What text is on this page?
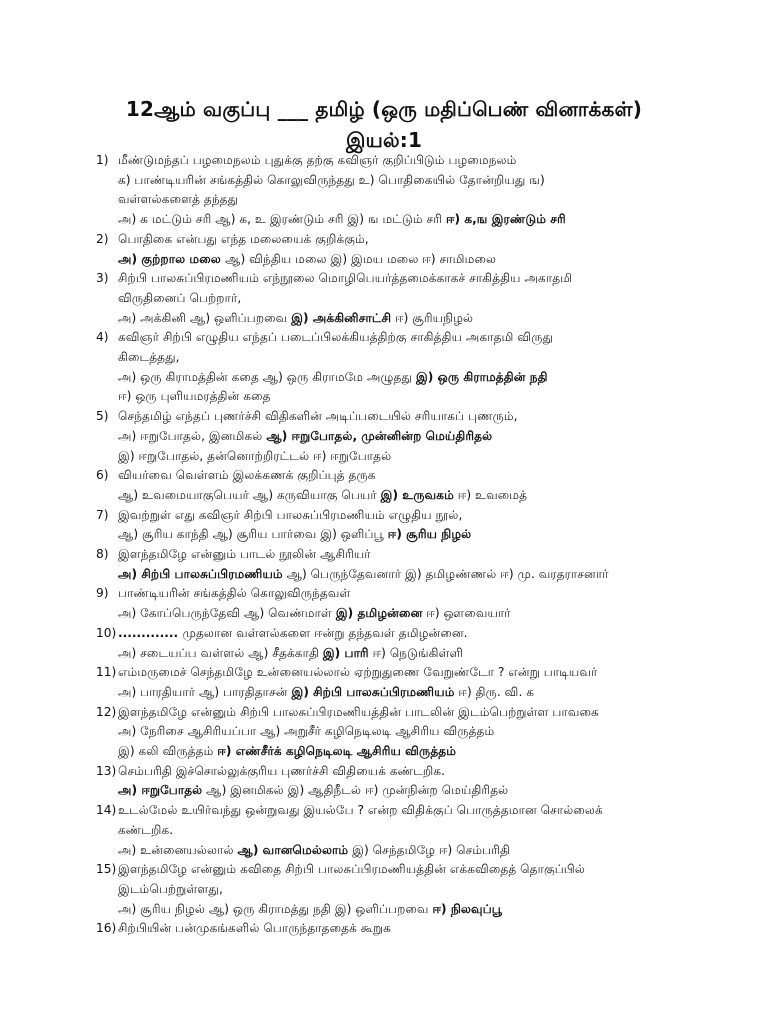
12ஆம் வகுப்பு ___ தமிழ் (ஒரு மதிப்பெண் வினாக்கள்)
இயல்:1
1) மீண்டுமந்தப் பழமைநலம் புதுக்கு தற்கு கவிஞர் குறிப்பிடும் பழமைநலம்
க) பாண்டியரின் சங்கத்தில் கொலுவிருந்தது உ) பொதிகையில் தோன்றியது ங)
வள்ளல்களைத் தந்தது
அ) க மட்டும் சரி ஆ) க, உ இரண்டும் சரி இ) ங மட்டும் சரி ஈ) க,ங இரண்டும் சரி
2) பொதிகை என்பது எந்த மலையைக் குறிக்கும்,
அ) குற்றால மலை ஆ) விந்திய மலை இ) இமய மலை ஈ) சாமிமலை
3) சிற்பி பாலசுப்பிரமணியம் எந்நூலை மொழிபெயர்த்தமைக்காகச் சாகித்திய அகாதமி
விருதினைப் பெற்றார்,
அ) அக்கினி ஆ) ஒளிப்பறவை இ) அக்கினிசாட்சி ஈ) சூரியநிழல்
4) கவிஞர் சிற்பி எழுதிய எந்தப் படைப்பிலக்கியத்திற்கு சாகித்திய அகாதமி விருது
கிடைத்தது,
அ) ஒரு கிராமத்தின் கதை ஆ) ஒரு கிராமமே அழுதது இ) ஒரு கிராமத்தின் நதி
ஈ) ஒரு புளியமரத்தின் கதை
5) செந்தமிழ் எந்தப் புணர்ச்சி விதிகளின் அடிப்படையில் சரியாகப் புணரும்,
அ) ஈறுபோதல், இனமிகல் ஆ) ஈறுபோதல், முன்னின்ற மெய்திரிதல்
இ) ஈறுபோதல், தன்னொற்றிரட்டல் ஈ) ஈறுபோதல்
6) வியர்வை வெள்ளம் இலக்கணக் குறிப்புத் தருக
ஆ) உவமையாகுபெயர் ஆ) கருவியாகு பெயர் இ) உருவகம் ஈ) உவமைத்
7) இவற்றுள் எது கவிஞர் சிற்பி பாலசுப்பிரமணியம் எழுதிய நூல்,
ஆ) சூரிய காந்தி ஆ) சூரிய பார்வை இ) ஒளிப்பூ ஈ) சூரிய நிழல்
8) இளந்தமிழே என்னும் பாடல் நூலின் ஆசிரியர்
அ) சிற்பி பாலசுப்பிரமணியம் ஆ) பெருந்தேவனார் இ) தமிழண்ணல் ஈ) மு. வரதராசனார்
9) பாண்டியரின் சங்கத்தில் கொலுவிருந்தவள்
அ) கோப்பெருந்தேவி ஆ) வெண்மாள் இ) தமிழன்னை ஈ) ஔவையார்
10) ............. முதலான வள்ளல்களை ஈன்று தந்தவள் தமிழன்னை.
அ) சடையப்ப வள்ளல் ஆ) சீதக்காதி இ) பாரி ஈ) நெடுங்கிள்ளி
11) எம்மருமைச் செந்தமிழே உன்னையல்லால் ஏற்றுதுணை வேறுண்டோ ? என்று பாடியவர்
அ) பாரதியார் ஆ) பாரதிதாசன் இ) சிற்பி பாலசுப்பிரமணியம் ஈ) திரு. வி. க
12) இளந்தமிழே என்னும் சிற்பி பாலசுப்பிரமணியத்தின் பாடலின் இடம்பெற்றுள்ள பாவகை
அ) நேரிசை ஆசிரியப்பா ஆ) அறுசீர் கழிநெடிலடி ஆசிரிய விருத்தம்
இ) கலி விருத்தம் ஈ) எண்சீர்க் கழிநெடிலடி ஆசிரிய விருத்தம்
13) செம்பரிதி இச்சொல்லுக்குரிய புணர்ச்சி விதியைக் கண்டறிக.
அ) ஈறுபோதல் ஆ) இனமிகல் இ) ஆதிநீடல் ஈ) முன்நின்ற மெய்திரிதல்
14) உடல்மேல் உயிர்வந்து ஒன்றுவது இயல்பே ? என்ற விதிக்குப் பொருத்தமான சொல்லைக்
கண்டறிக.
அ) உன்னையல்லால் ஆ) வானமெல்லாம் இ) செந்தமிழே ஈ) செம்பரிதி
15) இளந்தமிழே என்னும் கவிதை சிற்பி பாலசுப்பிரமணியத்தின் எக்கவிதைத் தொகுப்பில்
இடம்பெற்றுள்ளது,
அ) சூரிய நிழல் ஆ) ஒரு கிராமத்து நதி இ) ஒளிப்பறவை ஈ) நிலவுப்பூ
16) சிற்பியின் பன்முகங்களில் பொருந்தாததைக் கூறுக
